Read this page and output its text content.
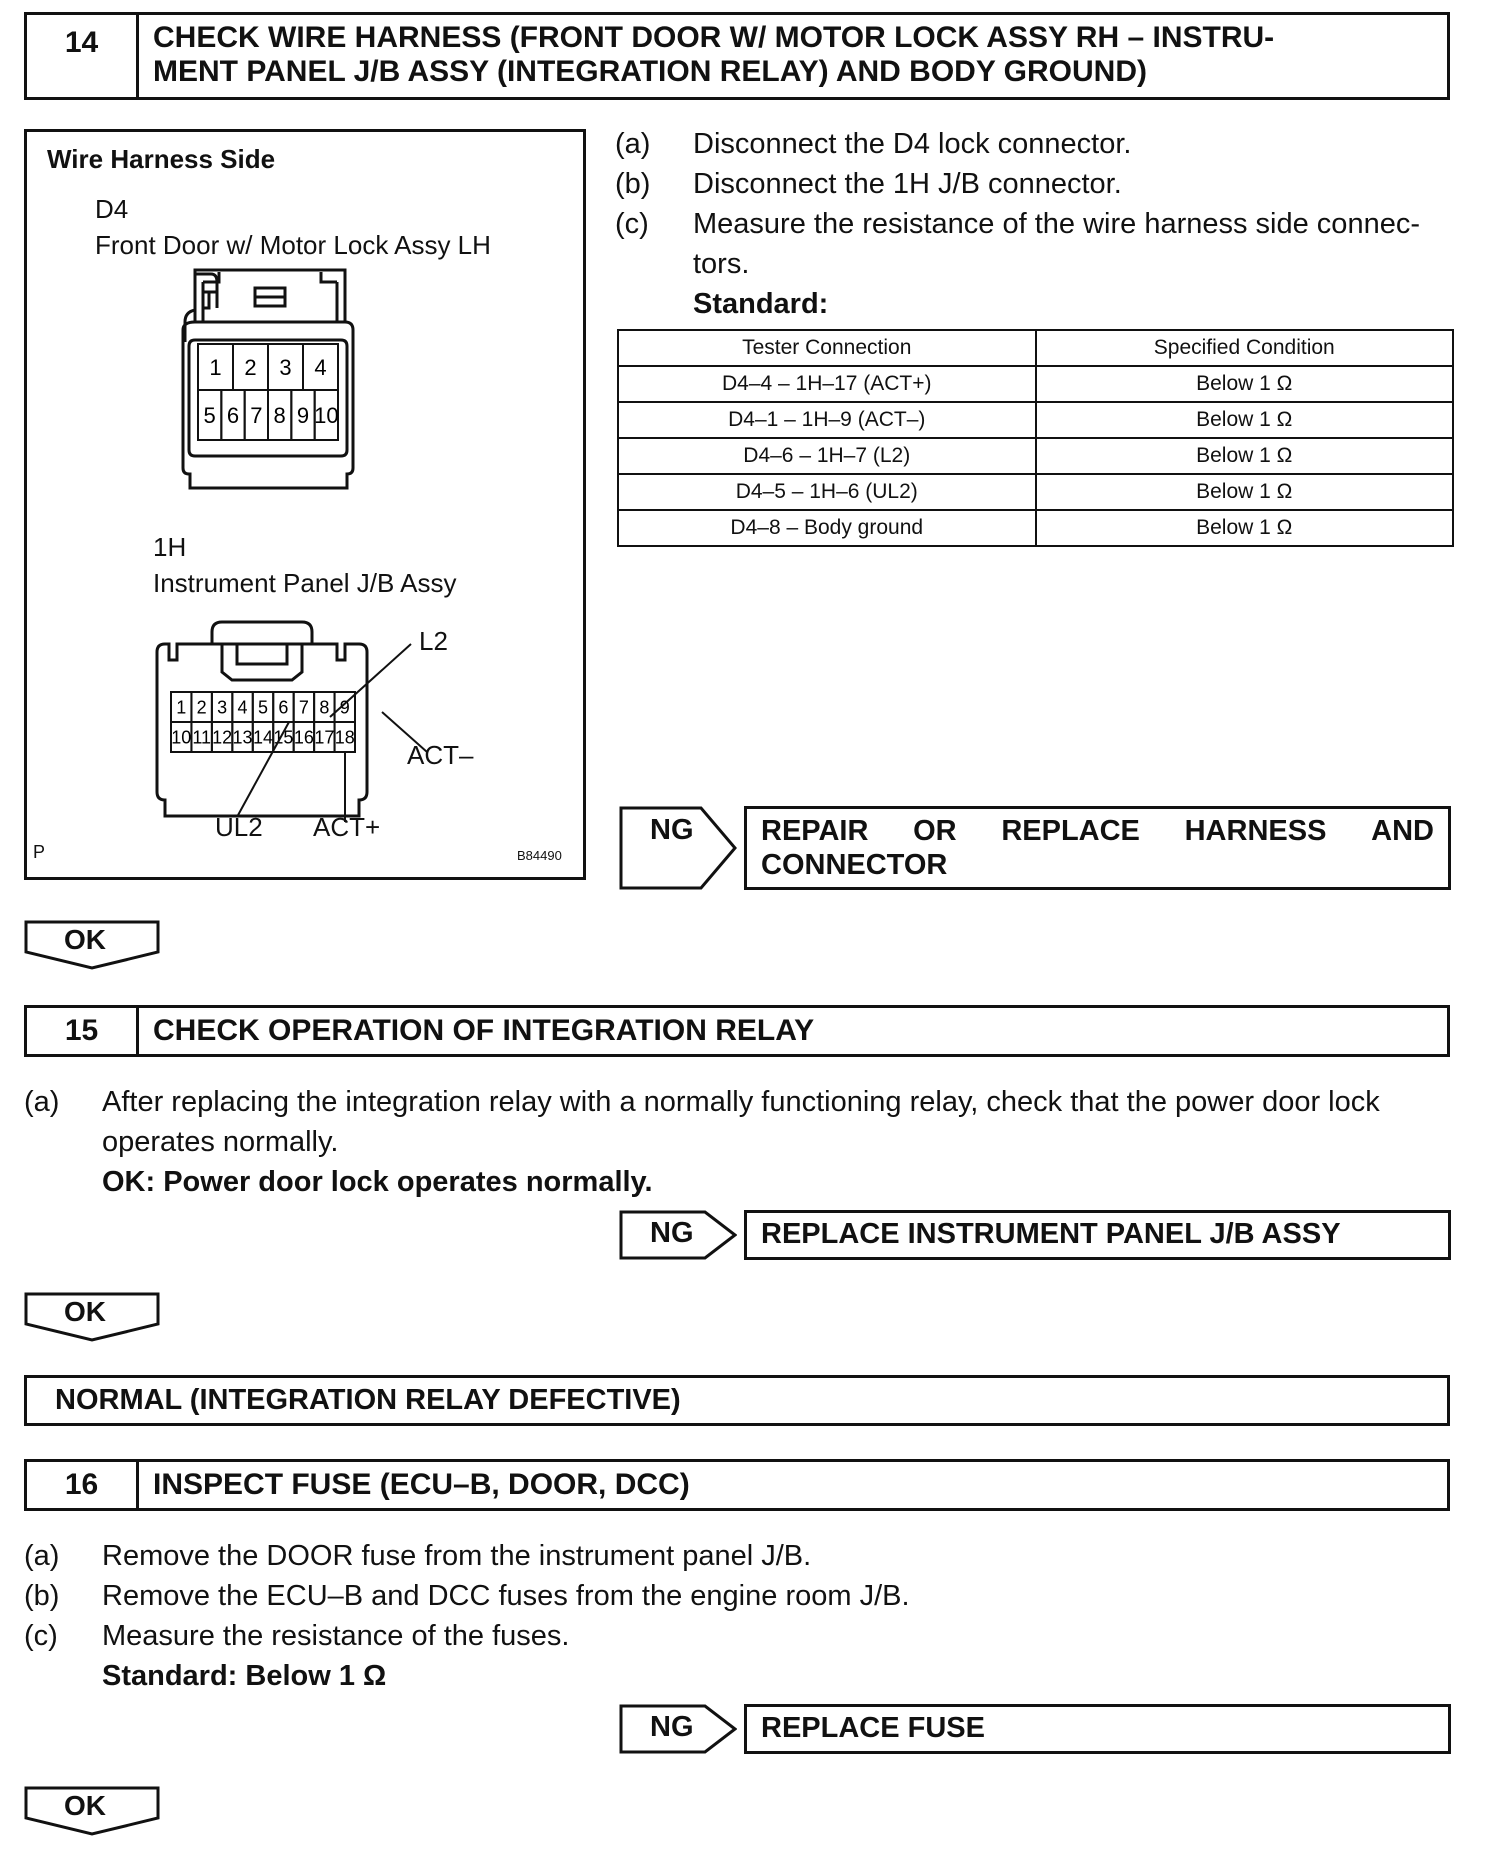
14	CHECK WIRE HARNESS (FRONT DOOR W/ MOTOR LOCK ASSY RH – INSTRU-
MENT PANEL J/B ASSY (INTEGRATION RELAY) AND BODY GROUND)
Wire Harness Side
D4
Front Door w/ Motor Lock Assy LH
1H
Instrument Panel J/B Assy
1 2 3 4
5 6 7 8 9 10
1 2 3 4 5 6 7 8 9
10 11 12 13 14 15 16 17 18
L2
ACT–
UL2 ACT+
P	B84490
(a) Disconnect the D4 lock connector.
(b) Disconnect the 1H J/B connector.
(c) Measure the resistance of the wire harness side connec-
tors.
Standard:
Tester Connection	Specified Condition
D4–4 – 1H–17 (ACT+)	Below 1 Ω
D4–1 – 1H–9 (ACT–)	Below 1 Ω
D4–6 – 1H–7 (L2)	Below 1 Ω
D4–5 – 1H–6 (UL2)	Below 1 Ω
D4–8 – Body ground	Below 1 Ω
NG REPAIR OR REPLACE HARNESS AND
CONNECTOR
OK
15	CHECK OPERATION OF INTEGRATION RELAY
(a) After replacing the integration relay with a normally functioning relay, check that the power door lock
operates normally.
OK: Power door lock operates normally.
NG REPLACE INSTRUMENT PANEL J/B ASSY
OK
NORMAL (INTEGRATION RELAY DEFECTIVE)
16	INSPECT FUSE (ECU–B, DOOR, DCC)
(a) Remove the DOOR fuse from the instrument panel J/B.
(b) Remove the ECU–B and DCC fuses from the engine room J/B.
(c) Measure the resistance of the fuses.
Standard: Below 1 Ω
NG REPLACE FUSE
OK
